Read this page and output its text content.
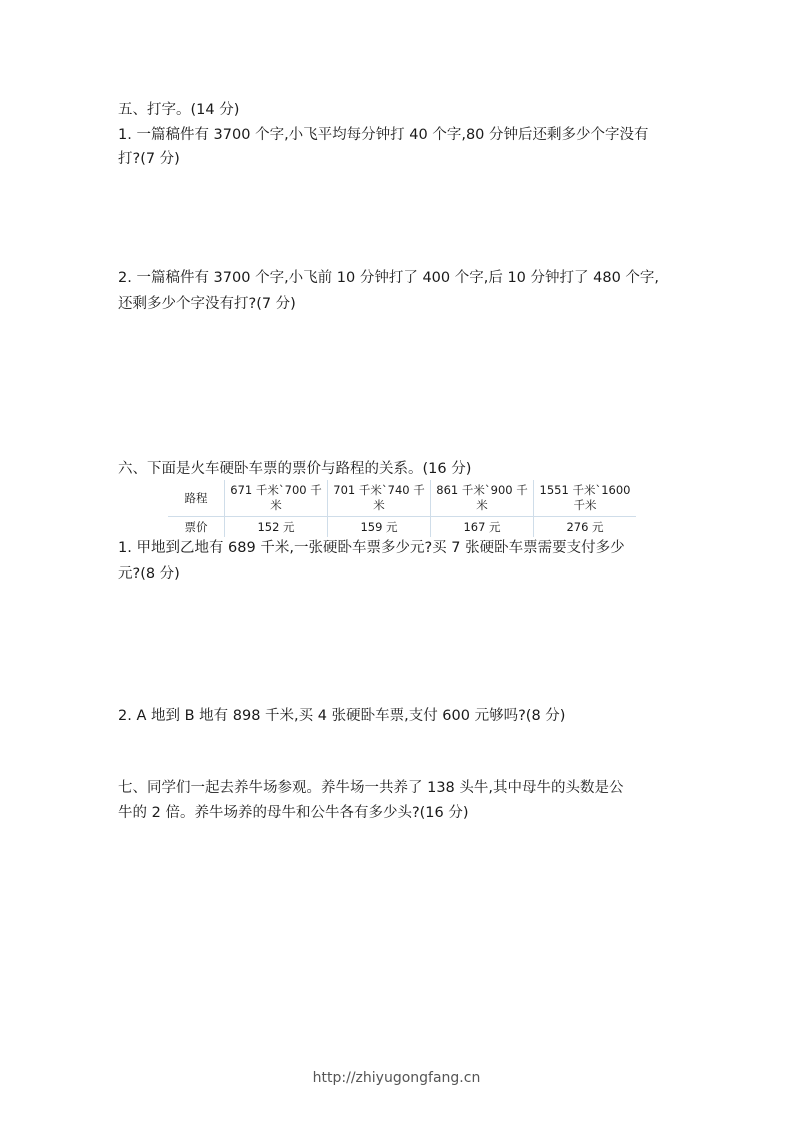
五、打字。(14 分)
1. 一篇稿件有 3700 个字,小飞平均每分钟打 40 个字,80 分钟后还剩多少个字没有
打?(7 分)
2. 一篇稿件有 3700 个字,小飞前 10 分钟打了 400 个字,后 10 分钟打了 480 个字,
还剩多少个字没有打?(7 分)
六、下面是火车硬卧车票的票价与路程的关系。(16 分)
路程	671 千米`700 千米	701 千米`740 千米	861 千米`900 千米	1551 千米`1600 千米
票价	152 元	159 元	167 元	276 元
1. 甲地到乙地有 689 千米,一张硬卧车票多少元?买 7 张硬卧车票需要支付多少
元?(8 分)
2. A 地到 B 地有 898 千米,买 4 张硬卧车票,支付 600 元够吗?(8 分)
七、同学们一起去养牛场参观。养牛场一共养了 138 头牛,其中母牛的头数是公
牛的 2 倍。养牛场养的母牛和公牛各有多少头?(16 分)
http://zhiyugongfang.cn
